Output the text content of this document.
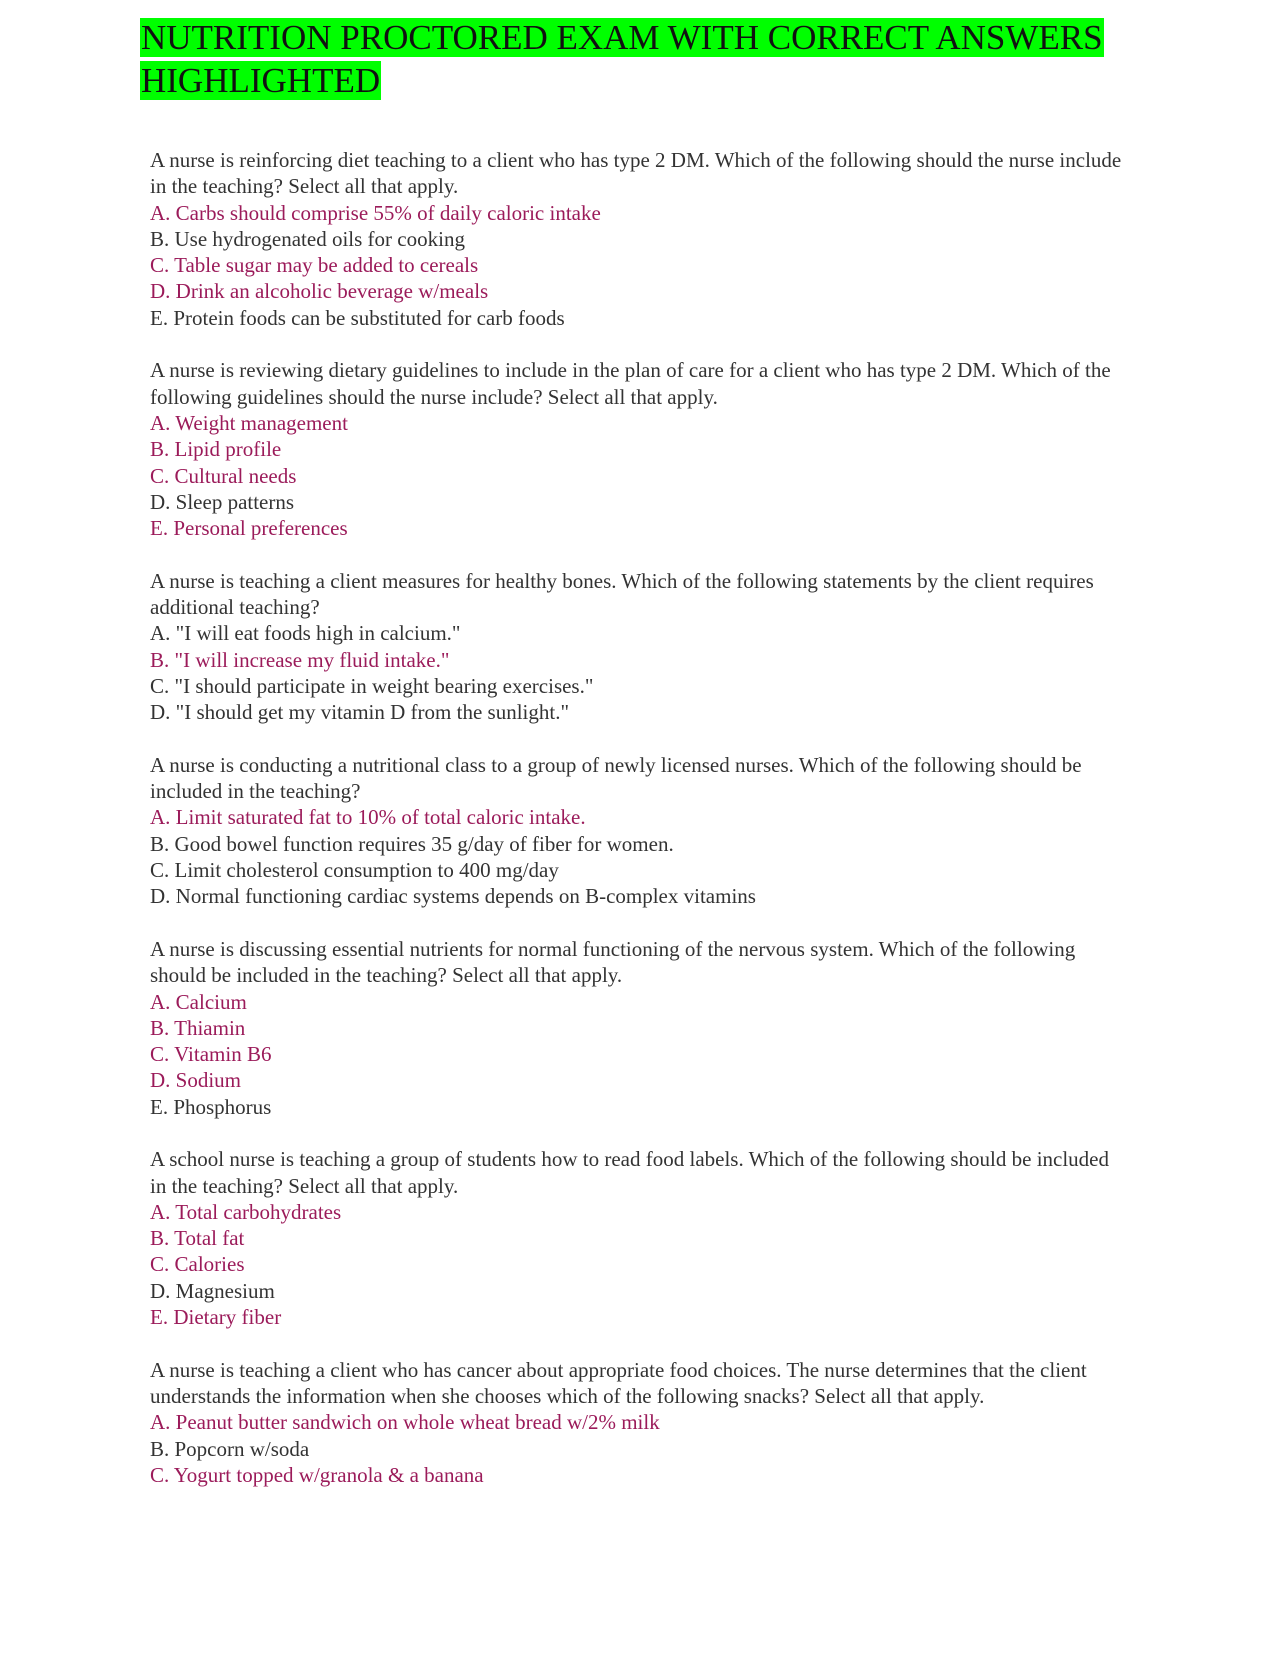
NUTRITION PROCTORED EXAM WITH CORRECT ANSWERS HIGHLIGHTED

A nurse is reinforcing diet teaching to a client who has type 2 DM. Which of the following should the nurse include in the teaching? Select all that apply.

A. Carbs should comprise 55% of daily caloric intake
B. Use hydrogenated oils for cooking
C. Table sugar may be added to cereals
D. Drink an alcoholic beverage w/meals
E. Protein foods can be substituted for carb foods

A nurse is reviewing dietary guidelines to include in the plan of care for a client who has type 2 DM. Which of the following guidelines should the nurse include? Select all that apply.

A. Weight management
B. Lipid profile
C. Cultural needs
D. Sleep patterns
E. Personal preferences

A nurse is teaching a client measures for healthy bones. Which of the following statements by the client requires additional teaching?

A. "I will eat foods high in calcium."
B. "I will increase my fluid intake."
C. "I should participate in weight bearing exercises."
D. "I should get my vitamin D from the sunlight."

A nurse is conducting a nutritional class to a group of newly licensed nurses. Which of the following should be included in the teaching?

A. Limit saturated fat to 10% of total caloric intake.
B. Good bowel function requires 35 g/day of fiber for women.
C. Limit cholesterol consumption to 400 mg/day
D. Normal functioning cardiac systems depends on B-complex vitamins

A nurse is discussing essential nutrients for normal functioning of the nervous system. Which of the following should be included in the teaching? Select all that apply.

A. Calcium
B. Thiamin
C. Vitamin B6
D. Sodium
E. Phosphorus

A school nurse is teaching a group of students how to read food labels. Which of the following should be included in the teaching? Select all that apply.

A. Total carbohydrates
B. Total fat
C. Calories
D. Magnesium
E. Dietary fiber

A nurse is teaching a client who has cancer about appropriate food choices. The nurse determines that the client understands the information when she chooses which of the following snacks? Select all that apply.

A. Peanut butter sandwich on whole wheat bread w/2% milk
B. Popcorn w/soda
C. Yogurt topped w/granola & a banana
